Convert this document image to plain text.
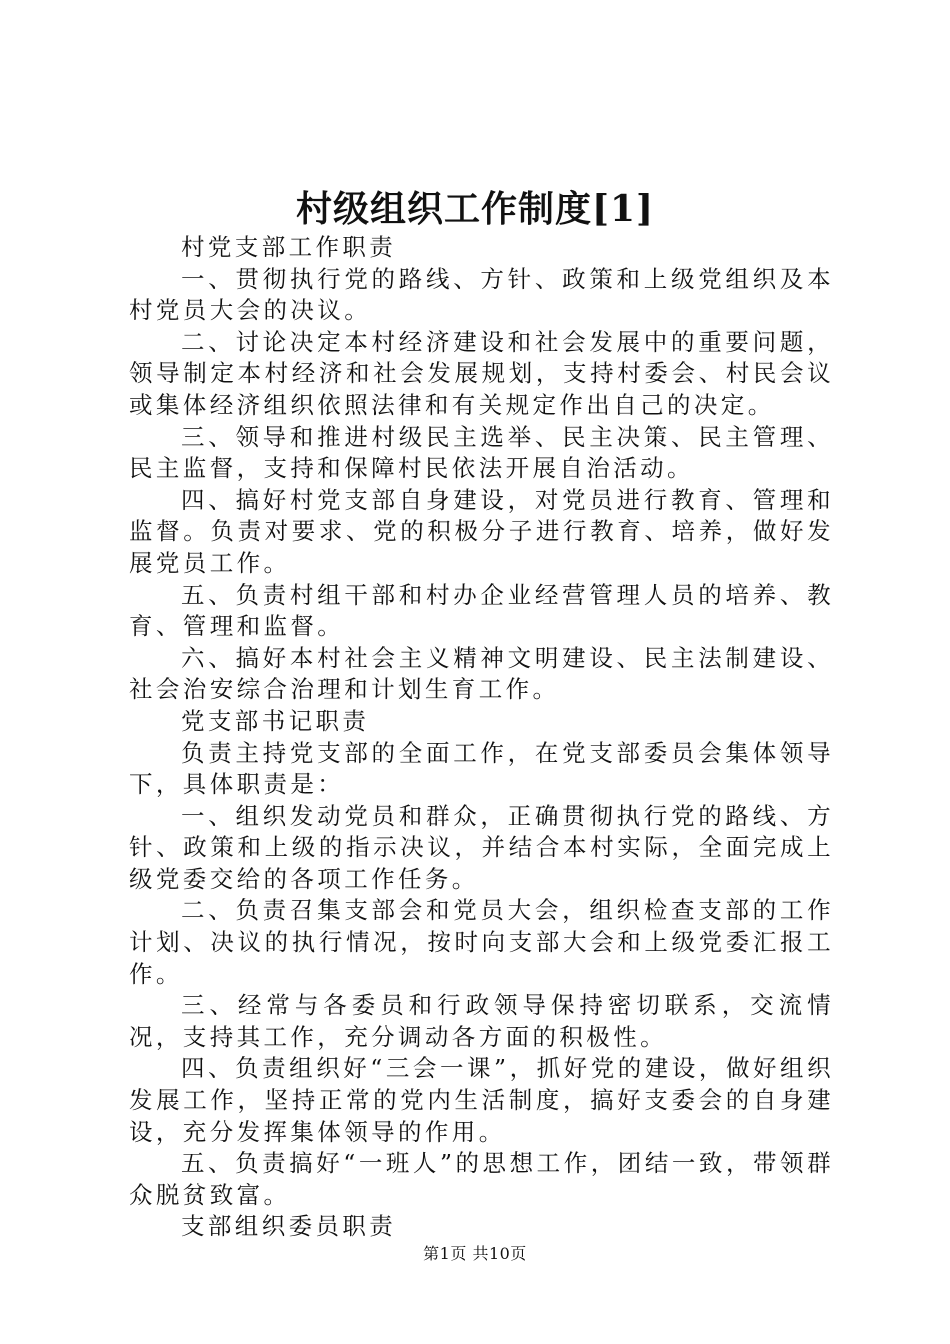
村级组织工作制度[1]

村党支部工作职责

一、贯彻执行党的路线、方针、政策和上级党组织及本村党员大会的决议。

二、讨论决定本村经济建设和社会发展中的重要问题，领导制定本村经济和社会发展规划，支持村委会、村民会议或集体经济组织依照法律和有关规定作出自己的决定。

三、领导和推进村级民主选举、民主决策、民主管理、民主监督，支持和保障村民依法开展自治活动。

四、搞好村党支部自身建设，对党员进行教育、管理和监督。负责对要求、党的积极分子进行教育、培养，做好发展党员工作。

五、负责村组干部和村办企业经营管理人员的培养、教育、管理和监督。

六、搞好本村社会主义精神文明建设、民主法制建设、社会治安综合治理和计划生育工作。

党支部书记职责

负责主持党支部的全面工作，在党支部委员会集体领导下，具体职责是：

一、组织发动党员和群众，正确贯彻执行党的路线、方针、政策和上级的指示决议，并结合本村实际，全面完成上级党委交给的各项工作任务。

二、负责召集支部会和党员大会，组织检查支部的工作计划、决议的执行情况，按时向支部大会和上级党委汇报工作。

三、经常与各委员和行政领导保持密切联系，交流情况，支持其工作，充分调动各方面的积极性。

四、负责组织好“三会一课”，抓好党的建设，做好组织发展工作，坚持正常的党内生活制度，搞好支委会的自身建设，充分发挥集体领导的作用。

五、负责搞好“一班人”的思想工作，团结一致，带领群众脱贫致富。

支部组织委员职责

第1页 共10页
